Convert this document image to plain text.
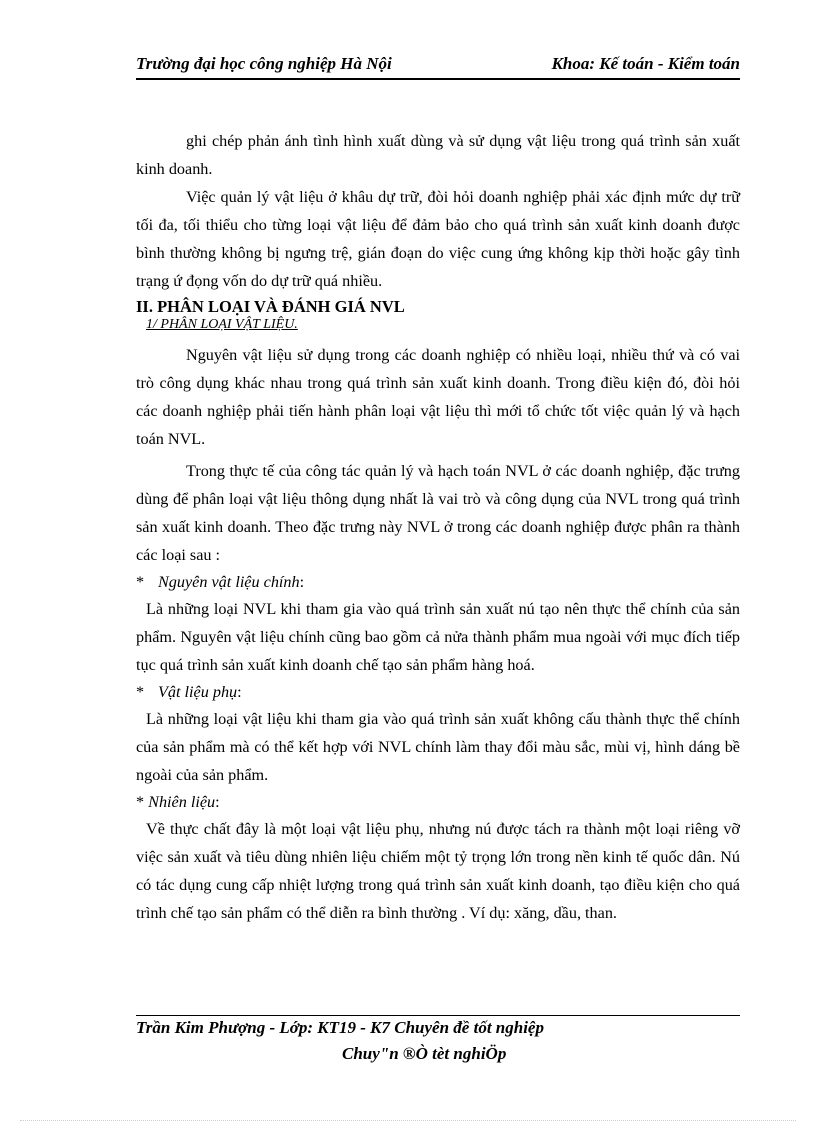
Trường đại học công nghiệp Hà Nội	Khoa: Kế toán - Kiểm toán

ghi chép phản ánh tình hình xuất dùng và sử dụng vật liệu trong quá trình sản xuất kinh doanh.

Việc quản lý vật liệu ở khâu dự trữ, đòi hỏi doanh nghiệp phải xác định mức dự trữ tối đa, tối thiểu cho từng loại vật liệu để đảm bảo cho quá trình sản xuất kinh doanh được bình thường không bị ngưng trệ, gián đoạn do việc cung ứng không kịp thời hoặc gây tình trạng ứ đọng vốn do dự trữ quá nhiều.

II. PHÂN LOẠI VÀ ĐÁNH GIÁ NVL

1/ PHÂN LOẠI VẬT LIỆU.

Nguyên vật liệu sử dụng trong các doanh nghiệp có nhiều loại, nhiều thứ và có vai trò công dụng khác nhau trong quá trình sản xuất kinh doanh. Trong điều kiện đó, đòi hỏi các doanh nghiệp phải tiến hành phân loại vật liệu thì mới tổ chức tốt việc quản lý và hạch toán NVL.

Trong thực tế của công tác quản lý và hạch toán NVL ở các doanh nghiệp, đặc trưng dùng để phân loại vật liệu thông dụng nhất là vai trò và công dụng của NVL trong quá trình sản xuất kinh doanh. Theo đặc trưng này NVL ở trong các doanh nghiệp được phân ra thành các loại sau :

* Nguyên vật liệu chính:

Là những loại NVL khi tham gia vào quá trình sản xuất nú tạo nên thực thể chính của sản phẩm. Nguyên vật liệu chính cũng bao gồm cả nửa thành phẩm mua ngoài với mục đích tiếp tục quá trình sản xuất kinh doanh chế tạo sản phẩm hàng hoá.

* Vật liệu phụ:

Là những loại vật liệu khi tham gia vào quá trình sản xuất không cấu thành thực thể chính của sản phẩm mà có thể kết hợp với NVL chính làm thay đổi màu sắc, mùi vị, hình dáng bề ngoài của sản phẩm.

* Nhiên liệu:

Về thực chất đây là một loại vật liệu phụ, nhưng nú được tách ra thành một loại riêng vỡ việc sản xuất và tiêu dùng nhiên liệu chiếm một tỷ trọng lớn trong nền kinh tế quốc dân. Nú có tác dụng cung cấp nhiệt lượng trong quá trình sản xuất kinh doanh, tạo điều kiện cho quá trình chế tạo sản phẩm có thể diễn ra bình thường . Ví dụ: xăng, dầu, than.

Trần Kim Phượng - Lớp: KT19 - K7 Chuyên đề tốt nghiệp
Chuy"n ®Ò tèt nghiÖp
